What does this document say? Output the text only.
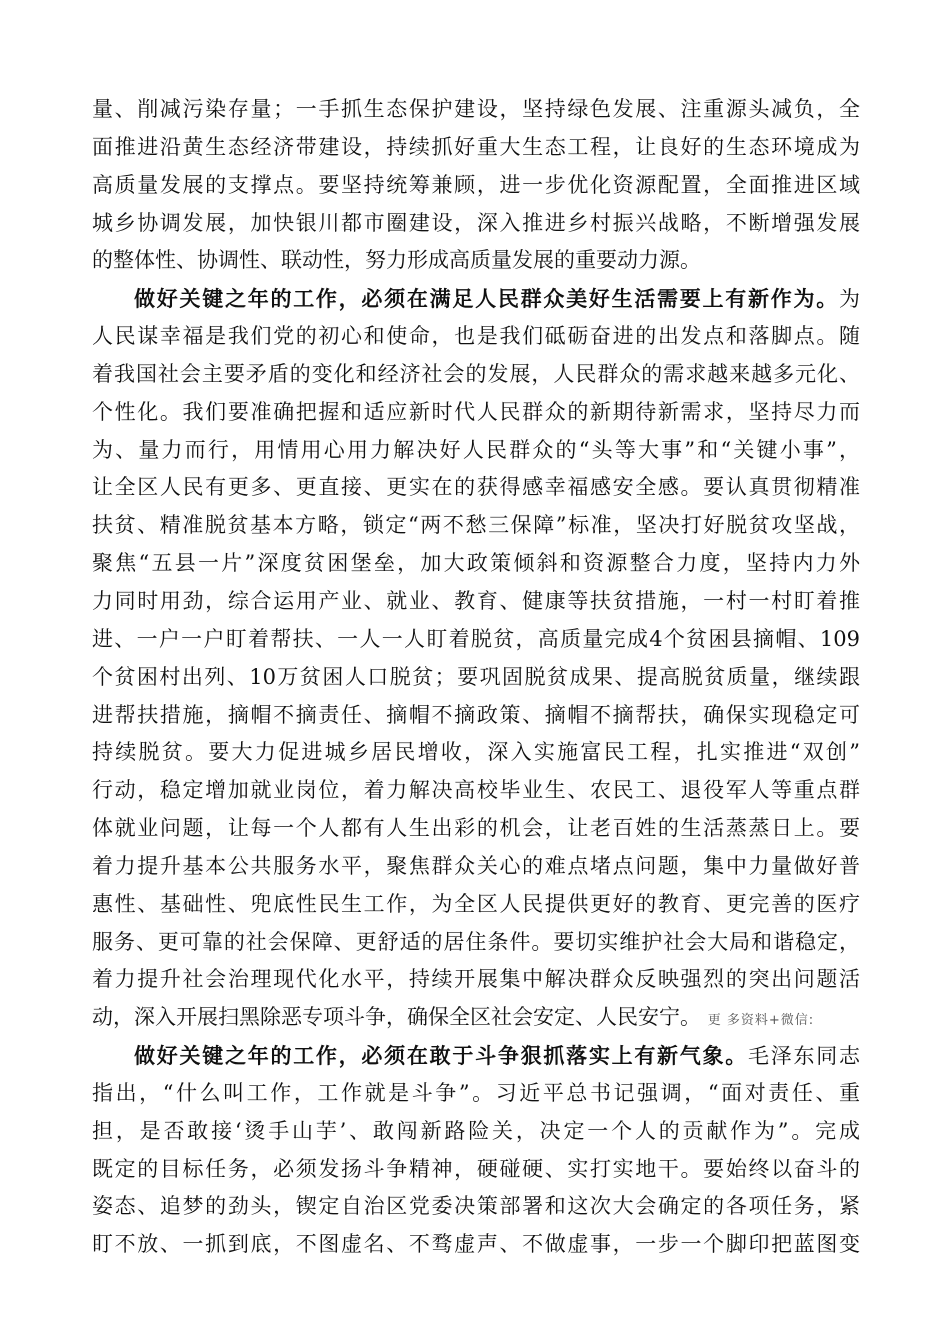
量、削减污染存量；一手抓生态保护建设，坚持绿色发展、注重源头减负，全
面推进沿黄生态经济带建设，持续抓好重大生态工程，让良好的生态环境成为
高质量发展的支撑点。要坚持统筹兼顾，进一步优化资源配置，全面推进区域
城乡协调发展，加快银川都市圈建设，深入推进乡村振兴战略，不断增强发展
的整体性、协调性、联动性，努力形成高质量发展的重要动力源。
做好关键之年的工作，必须在满足人民群众美好生活需要上有新作为。为
人民谋幸福是我们党的初心和使命，也是我们砥砺奋进的出发点和落脚点。随
着我国社会主要矛盾的变化和经济社会的发展，人民群众的需求越来越多元化、
个性化。我们要准确把握和适应新时代人民群众的新期待新需求，坚持尽力而
为、量力而行，用情用心用力解决好人民群众的“头等大事”和“关键小事”，
让全区人民有更多、更直接、更实在的获得感幸福感安全感。要认真贯彻精准
扶贫、精准脱贫基本方略，锁定“两不愁三保障”标准，坚决打好脱贫攻坚战，
聚焦“五县一片”深度贫困堡垒，加大政策倾斜和资源整合力度，坚持内力外
力同时用劲，综合运用产业、就业、教育、健康等扶贫措施，一村一村盯着推
进、一户一户盯着帮扶、一人一人盯着脱贫，高质量完成4个贫困县摘帽、109
个贫困村出列、10万贫困人口脱贫；要巩固脱贫成果、提高脱贫质量，继续跟
进帮扶措施，摘帽不摘责任、摘帽不摘政策、摘帽不摘帮扶，确保实现稳定可
持续脱贫。要大力促进城乡居民增收，深入实施富民工程，扎实推进“双创”
行动，稳定增加就业岗位，着力解决高校毕业生、农民工、退役军人等重点群
体就业问题，让每一个人都有人生出彩的机会，让老百姓的生活蒸蒸日上。要
着力提升基本公共服务水平，聚焦群众关心的难点堵点问题，集中力量做好普
惠性、基础性、兜底性民生工作，为全区人民提供更好的教育、更完善的医疗
服务、更可靠的社会保障、更舒适的居住条件。要切实维护社会大局和谐稳定，
着力提升社会治理现代化水平，持续开展集中解决群众反映强烈的突出问题活
动，深入开展扫黑除恶专项斗争，确保全区社会安定、人民安宁。 更 多资料+微信:
做好关键之年的工作，必须在敢于斗争狠抓落实上有新气象。毛泽东同志
指出，“什么叫工作，工作就是斗争”。习近平总书记强调，“面对责任、重
担，是否敢接‘烫手山芋’、敢闯新路险关，决定一个人的贡献作为”。完成
既定的目标任务，必须发扬斗争精神，硬碰硬、实打实地干。要始终以奋斗的
姿态、追梦的劲头，锲定自治区党委决策部署和这次大会确定的各项任务，紧
盯不放、一抓到底，不图虚名、不骛虚声、不做虚事，一步一个脚印把蓝图变
